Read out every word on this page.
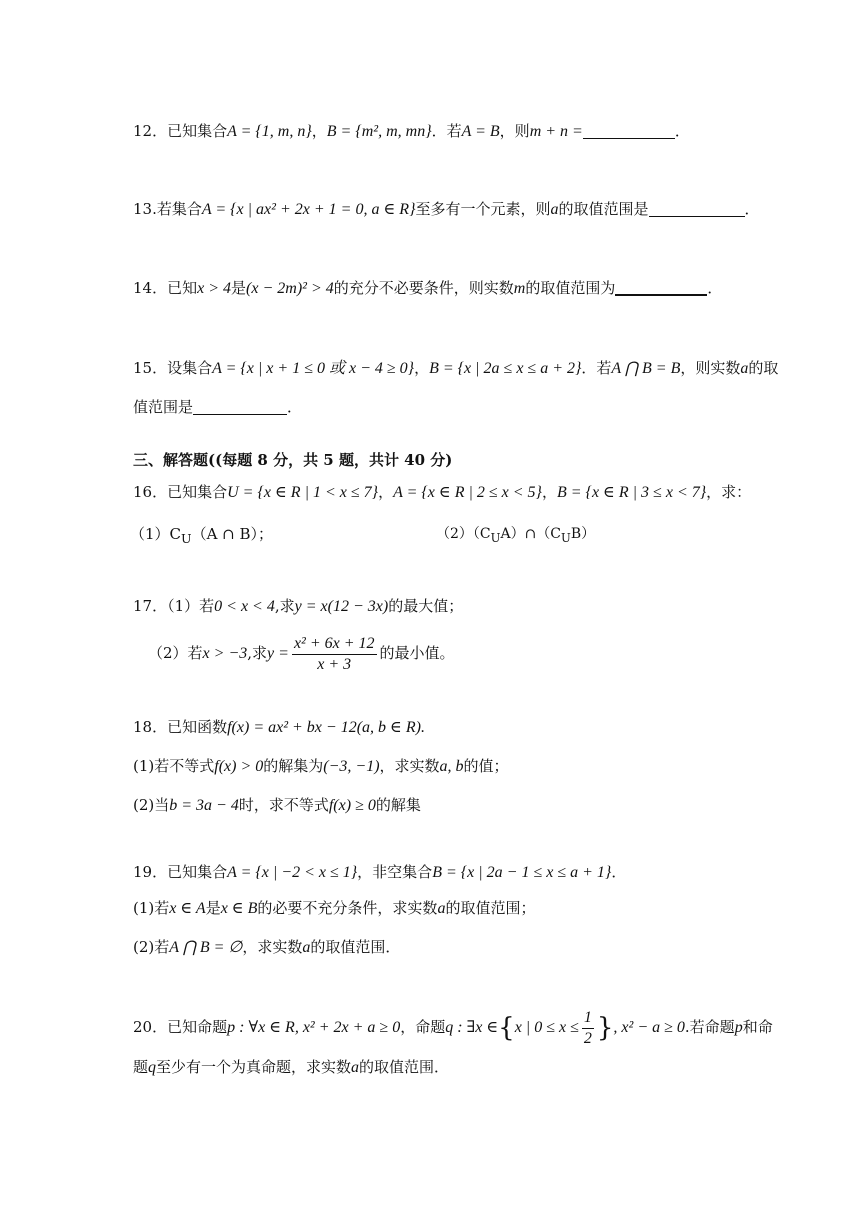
12．已知集合A = {1, m, n}，B = {m², m, mn}．若A = B，则m + n =	．
13.若集合A = {x | ax² + 2x + 1 = 0, a ∈ R}至多有一个元素，则a的取值范围是	．
14．已知x > 4是(x − 2m)² > 4的充分不必要条件，则实数m的取值范围为	．
15．设集合A = {x | x + 1 ≤ 0 或 x − 4 ≥ 0}，B = {x | 2a ≤ x ≤ a + 2}．若A ⋂ B = B，则实数a的取
值范围是	．
三、解答题((每题 8 分，共 5 题，共计 40 分)
16．已知集合U = {x ∈ R | 1 < x ≤ 7}，A = {x ∈ R | 2 ≤ x < 5}，B = {x ∈ R | 3 ≤ x < 7}，求：
$(1)C_U(A$ ∩ B）；	$(2)(C_UA)\cap(C_UB)$
17．（1）若0 < x < 4,求y = x(12 − 3x)的最大值；
（2）若x > −3,求$y = \frac{\text{x² + 6x + 12}}{x + 3}$ 的最小值。
18．已知函数f(x) = ax² + bx − 12(a, b ∈ R).
(1)若不等式f(x) > 0的解集为(−3, −1)，求实数a, b的值；
(2)当b = 3a − 4时，求不等式f(x) ≥ 0的解集
19．已知集合A = {x | −2 < x ≤ 1}，非空集合B = {x | 2a − 1 ≤ x ≤ a + 1}．
(1)若x ∈ A是x ∈ B的必要不充分条件，求实数a的取值范围；
(2)若A ⋂ B = ∅，求实数a的取值范围．
20．已知命题p : ∀x ∈ R, x² + 2x + a ≥ 0，命题q : ∃x ∈{x | $0 \le x \le \frac{1}{2}$ }, x² − a ≥ 0.若命题p和命
题q至少有一个为真命题，求实数a的取值范围．
